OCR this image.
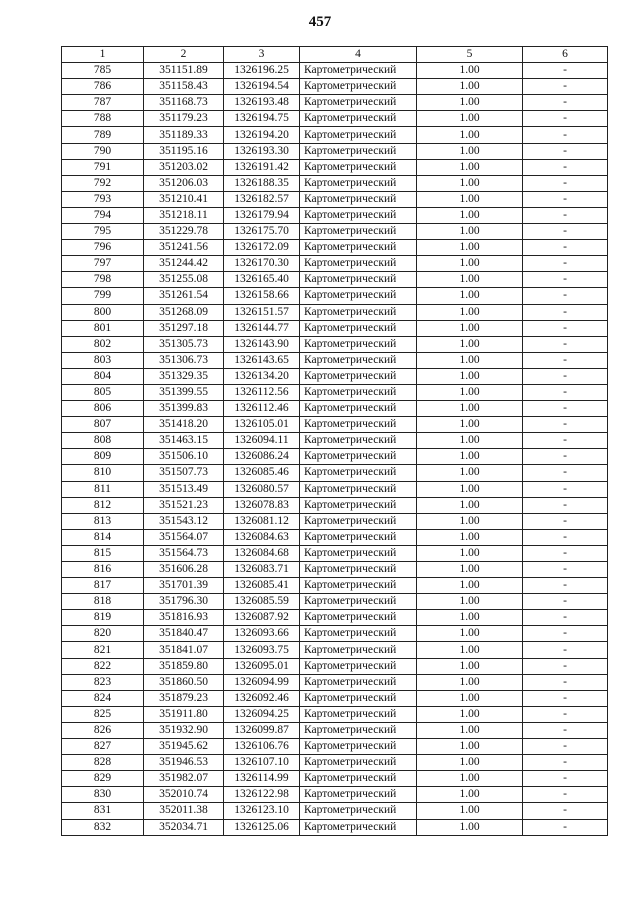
457
1	2	3	4	5	6
785	351151.89	1326196.25	Картометрический	1.00	-
786	351158.43	1326194.54	Картометрический	1.00	-
787	351168.73	1326193.48	Картометрический	1.00	-
788	351179.23	1326194.75	Картометрический	1.00	-
789	351189.33	1326194.20	Картометрический	1.00	-
790	351195.16	1326193.30	Картометрический	1.00	-
791	351203.02	1326191.42	Картометрический	1.00	-
792	351206.03	1326188.35	Картометрический	1.00	-
793	351210.41	1326182.57	Картометрический	1.00	-
794	351218.11	1326179.94	Картометрический	1.00	-
795	351229.78	1326175.70	Картометрический	1.00	-
796	351241.56	1326172.09	Картометрический	1.00	-
797	351244.42	1326170.30	Картометрический	1.00	-
798	351255.08	1326165.40	Картометрический	1.00	-
799	351261.54	1326158.66	Картометрический	1.00	-
800	351268.09	1326151.57	Картометрический	1.00	-
801	351297.18	1326144.77	Картометрический	1.00	-
802	351305.73	1326143.90	Картометрический	1.00	-
803	351306.73	1326143.65	Картометрический	1.00	-
804	351329.35	1326134.20	Картометрический	1.00	-
805	351399.55	1326112.56	Картометрический	1.00	-
806	351399.83	1326112.46	Картометрический	1.00	-
807	351418.20	1326105.01	Картометрический	1.00	-
808	351463.15	1326094.11	Картометрический	1.00	-
809	351506.10	1326086.24	Картометрический	1.00	-
810	351507.73	1326085.46	Картометрический	1.00	-
811	351513.49	1326080.57	Картометрический	1.00	-
812	351521.23	1326078.83	Картометрический	1.00	-
813	351543.12	1326081.12	Картометрический	1.00	-
814	351564.07	1326084.63	Картометрический	1.00	-
815	351564.73	1326084.68	Картометрический	1.00	-
816	351606.28	1326083.71	Картометрический	1.00	-
817	351701.39	1326085.41	Картометрический	1.00	-
818	351796.30	1326085.59	Картометрический	1.00	-
819	351816.93	1326087.92	Картометрический	1.00	-
820	351840.47	1326093.66	Картометрический	1.00	-
821	351841.07	1326093.75	Картометрический	1.00	-
822	351859.80	1326095.01	Картометрический	1.00	-
823	351860.50	1326094.99	Картометрический	1.00	-
824	351879.23	1326092.46	Картометрический	1.00	-
825	351911.80	1326094.25	Картометрический	1.00	-
826	351932.90	1326099.87	Картометрический	1.00	-
827	351945.62	1326106.76	Картометрический	1.00	-
828	351946.53	1326107.10	Картометрический	1.00	-
829	351982.07	1326114.99	Картометрический	1.00	-
830	352010.74	1326122.98	Картометрический	1.00	-
831	352011.38	1326123.10	Картометрический	1.00	-
832	352034.71	1326125.06	Картометрический	1.00	-
